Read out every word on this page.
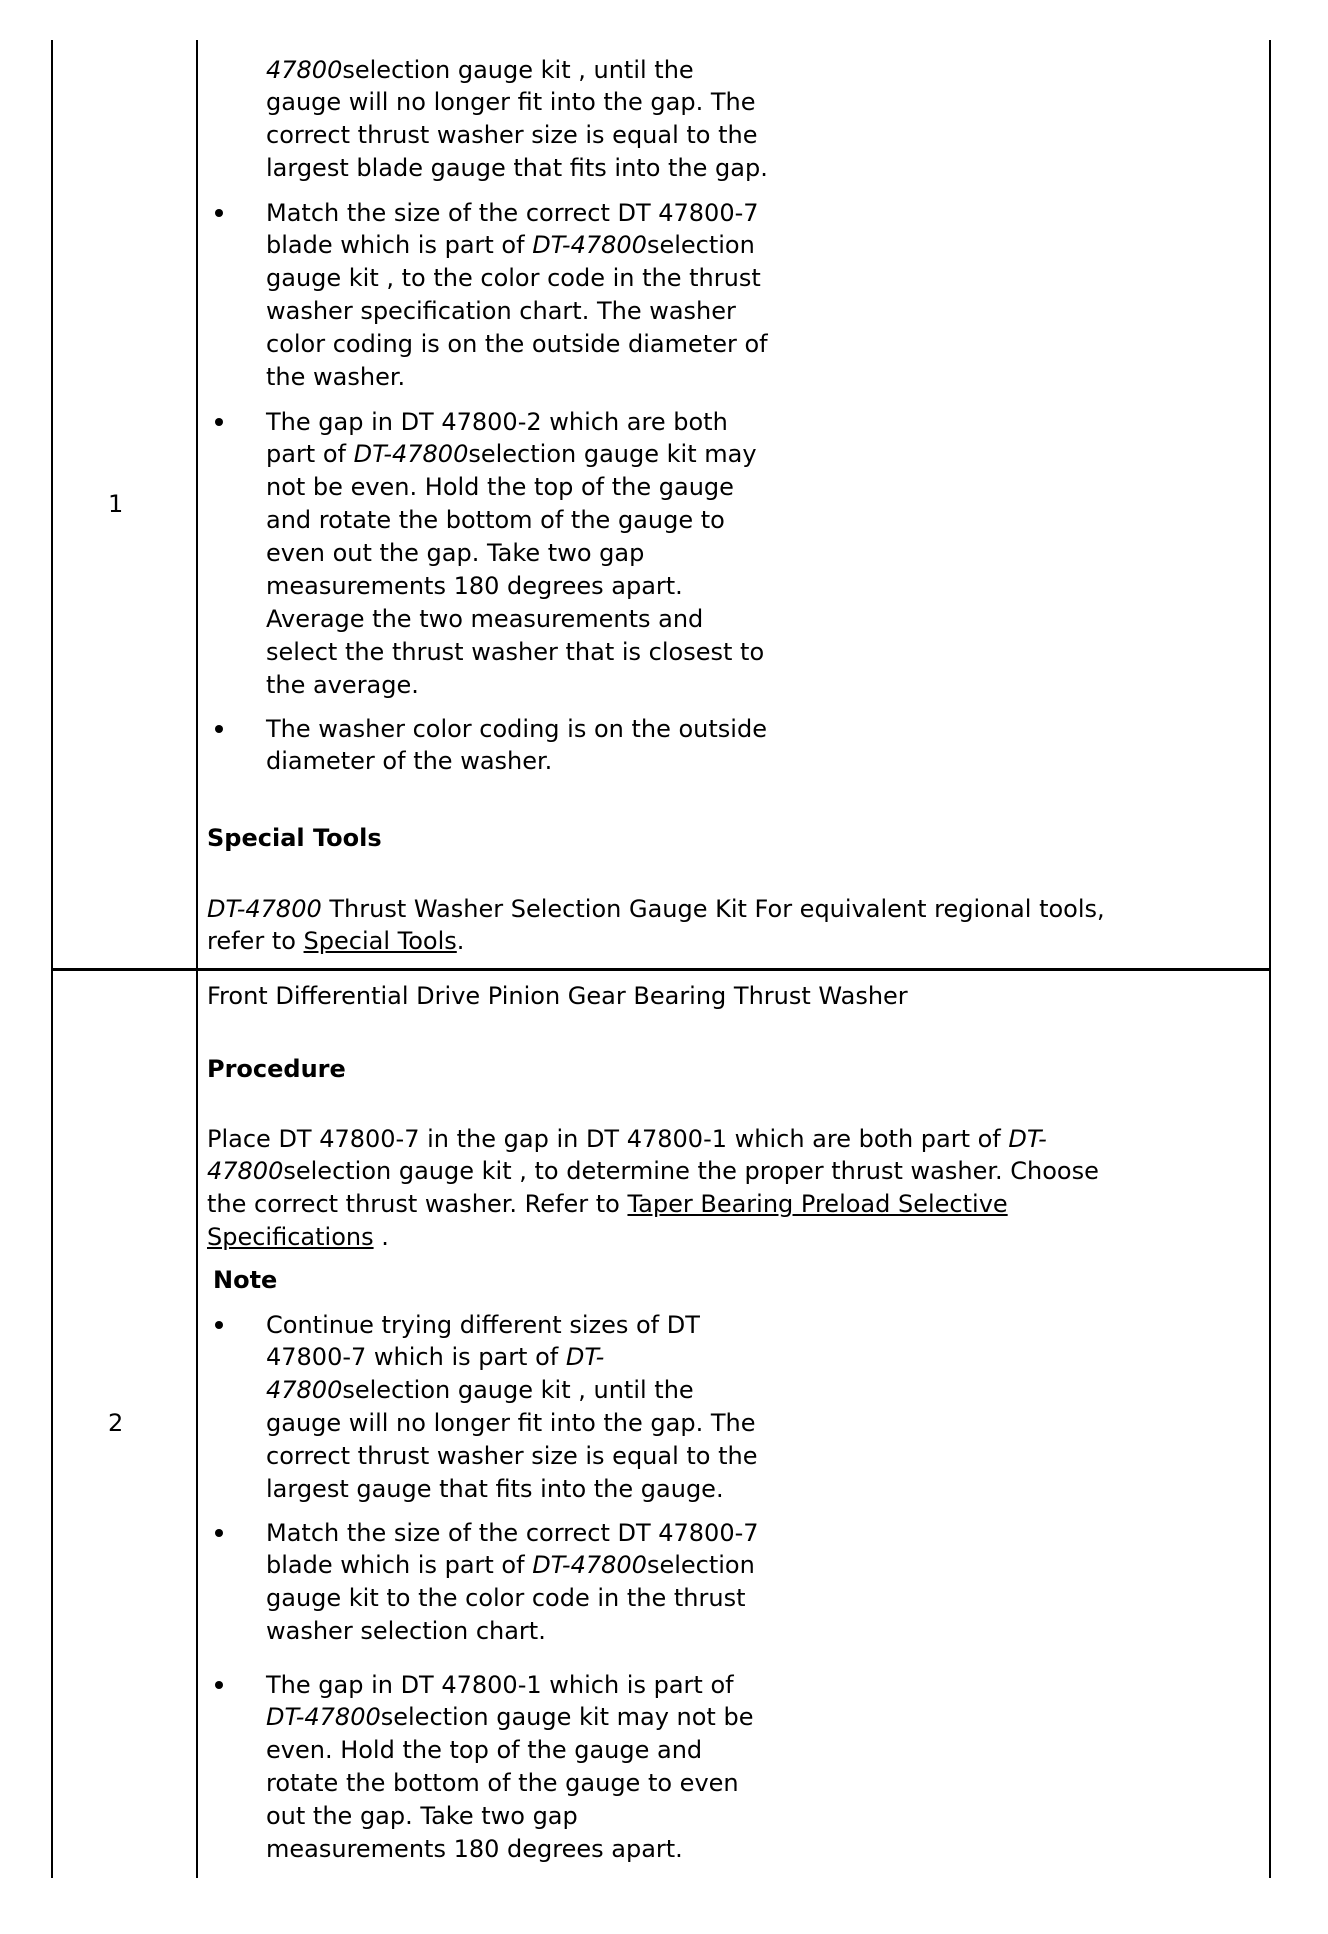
1
2
47800selection gauge kit , until the
gauge will no longer fit into the gap. The
correct thrust washer size is equal to the
largest blade gauge that fits into the gap.
Match the size of the correct DT 47800-7
blade which is part of DT-47800selection
gauge kit , to the color code in the thrust
washer specification chart. The washer
color coding is on the outside diameter of
the washer.
The gap in DT 47800-2 which are both
part of DT-47800selection gauge kit may
not be even. Hold the top of the gauge
and rotate the bottom of the gauge to
even out the gap. Take two gap
measurements 180 degrees apart.
Average the two measurements and
select the thrust washer that is closest to
the average.
The washer color coding is on the outside
diameter of the washer.
Special Tools
DT-47800 Thrust Washer Selection Gauge Kit For equivalent regional tools,
refer to Special Tools.
Front Differential Drive Pinion Gear Bearing Thrust Washer
Procedure
Place DT 47800-7 in the gap in DT 47800-1 which are both part of DT-
47800selection gauge kit , to determine the proper thrust washer. Choose
the correct thrust washer. Refer to Taper Bearing Preload Selective
Specifications .
Note
Continue trying different sizes of DT
47800-7 which is part of DT-
47800selection gauge kit , until the
gauge will no longer fit into the gap. The
correct thrust washer size is equal to the
largest gauge that fits into the gauge.
Match the size of the correct DT 47800-7
blade which is part of DT-47800selection
gauge kit to the color code in the thrust
washer selection chart.
The gap in DT 47800-1 which is part of
DT-47800selection gauge kit may not be
even. Hold the top of the gauge and
rotate the bottom of the gauge to even
out the gap. Take two gap
measurements 180 degrees apart.
